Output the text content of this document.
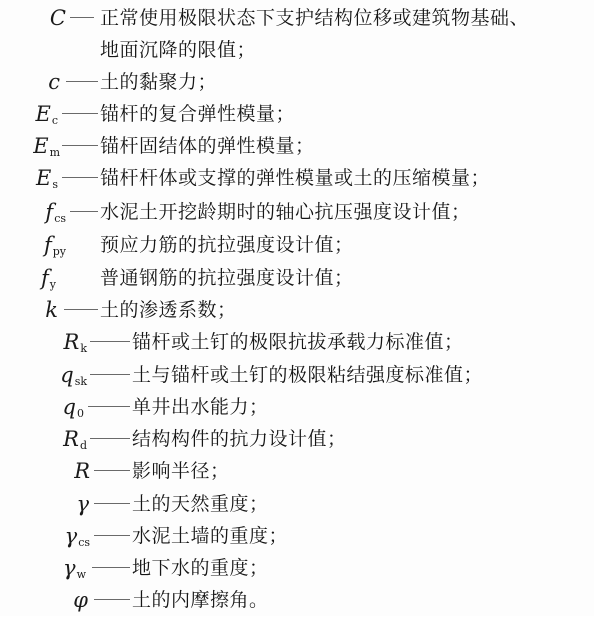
C 正常使用极限状态下支护结构位移或建筑物基础、
地面沉降的限值；
c 土的黏聚力；
$E_c$ 锚杆的复合弹性模量；
$E_m$ 锚杆固结体的弹性模量；
$E_s$ 锚杆杆体或支撑的弹性模量或土的压缩模量；
$f_{cs}$ 水泥土开挖龄期时的轴心抗压强度设计值；
$f_{py}$ 预应力筋的抗拉强度设计值；
$f_y$ 普通钢筋的抗拉强度设计值；
k 土的渗透系数；
$R_k$ 锚杆或土钉的极限抗拔承载力标准值；
$q_{sk}$ 土与锚杆或土钉的极限粘结强度标准值；
$q_0$	单井出水能力；
$R_d$ 结构构件的抗力设计值；
R 影响半径；
γ 土的天然重度；
$\gamma_{cs}$ 水泥土墙的重度；
$\gamma_w$ 地下水的重度；
φ 土的内摩擦角。
